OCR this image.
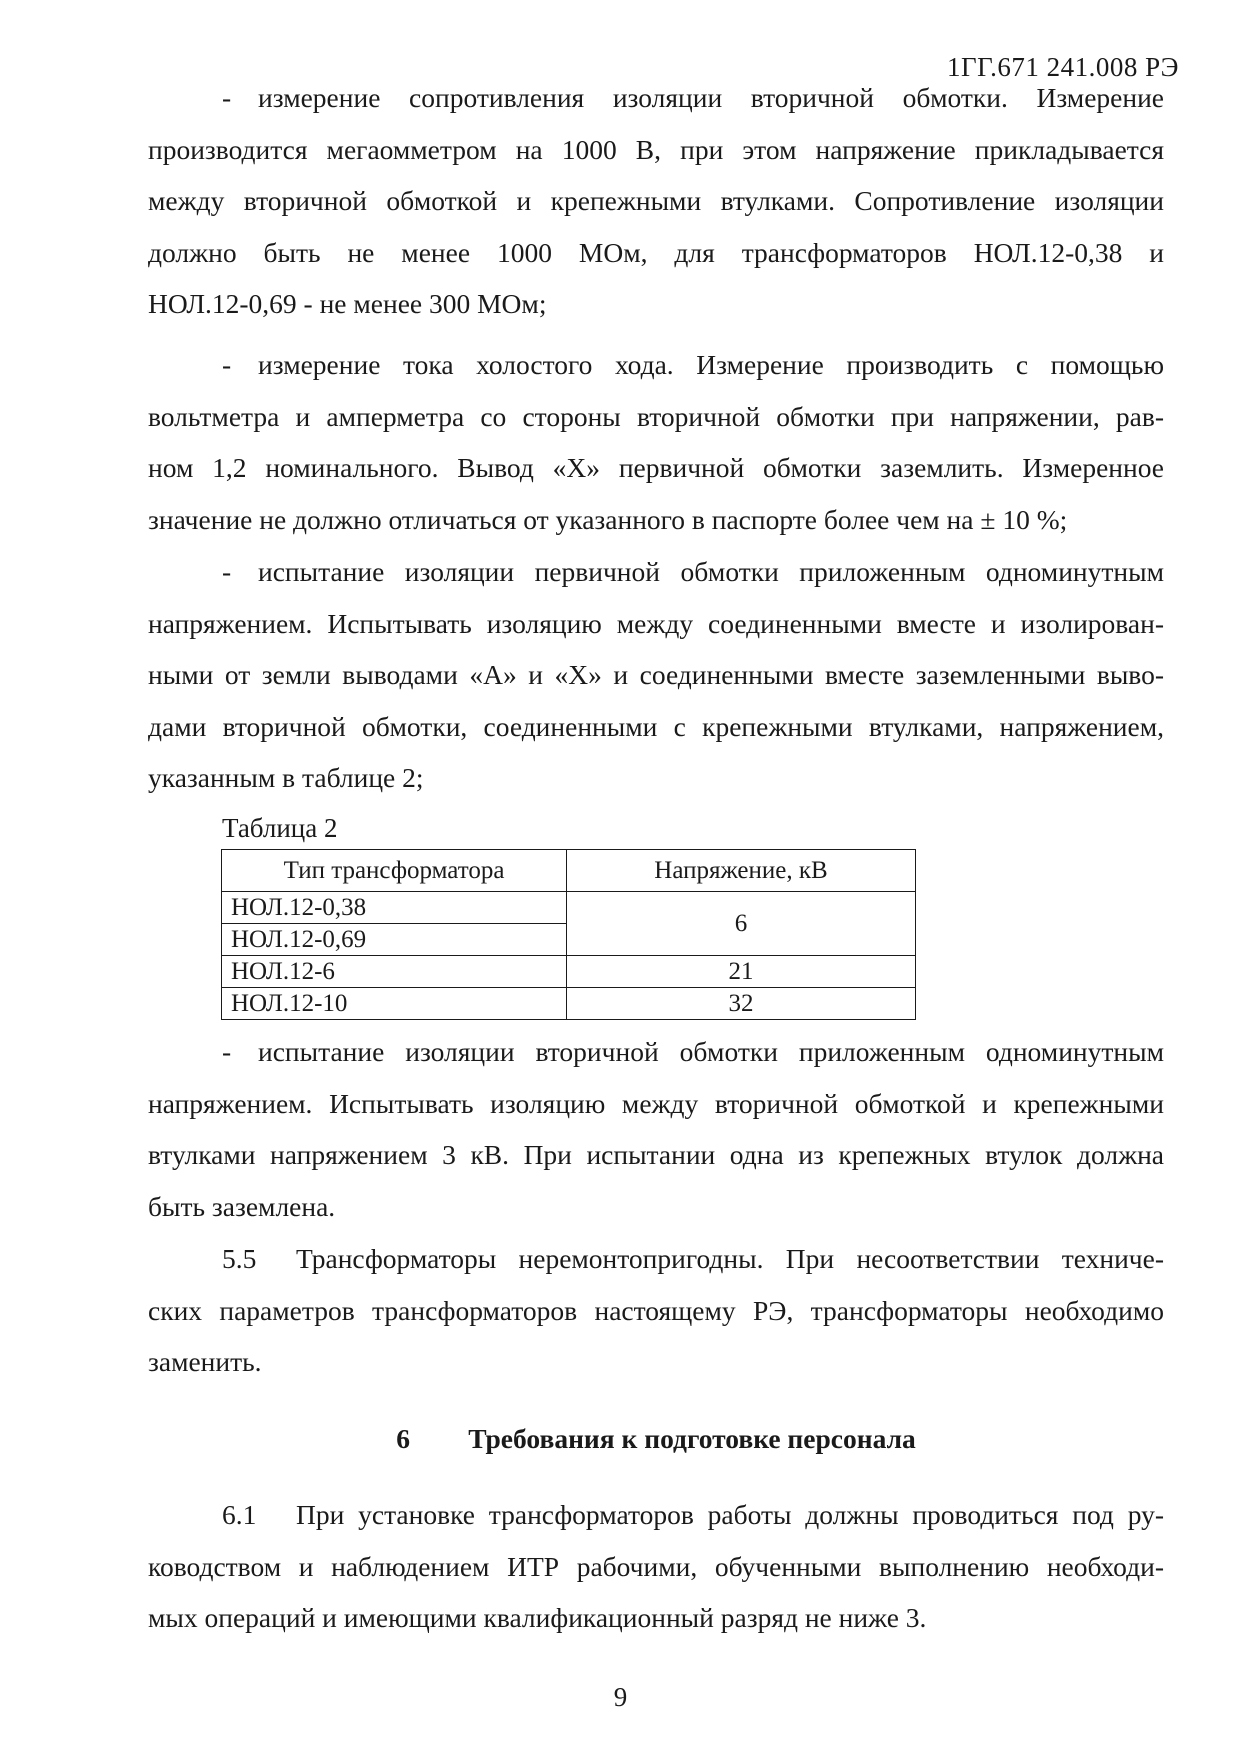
1ГГ.671 241.008 РЭ
- измерение сопротивления изоляции вторичной обмотки. Измерение
производится мегаомметром на 1000 В, при этом напряжение прикладывается
между вторичной обмоткой и крепежными втулками. Сопротивление изоляции
должно быть не менее 1000 МОм, для трансформаторов НОЛ.12-0,38 и
НОЛ.12-0,69 - не менее 300 МОм;
- измерение тока холостого хода. Измерение производить с помощью
вольтметра и амперметра со стороны вторичной обмотки при напряжении, рав-
ном 1,2 номинального. Вывод «Х» первичной обмотки заземлить. Измеренное
значение не должно отличаться от указанного в паспорте более чем на ± 10 %;
- испытание изоляции первичной обмотки приложенным одноминутным
напряжением. Испытывать изоляцию между соединенными вместе и изолирован-
ными от земли выводами «А» и «Х» и соединенными вместе заземленными выво-
дами вторичной обмотки, соединенными с крепежными втулками, напряжением,
указанным в таблице 2;
Таблица 2
Тип трансформатора	Напряжение, кВ
НОЛ.12-0,38	6
НОЛ.12-0,69	
НОЛ.12-6	21
НОЛ.12-10	32
- испытание изоляции вторичной обмотки приложенным одноминутным
напряжением. Испытывать изоляцию между вторичной обмоткой и крепежными
втулками напряжением 3 кВ. При испытании одна из крепежных втулок должна
быть заземлена.
5.5 Трансформаторы неремонтопригодны. При несоответствии техниче-
ских параметров трансформаторов настоящему РЭ, трансформаторы необходимо
заменить.
6 Требования к подготовке персонала
6.1 При установке трансформаторов работы должны проводиться под ру-
ководством и наблюдением ИТР рабочими, обученными выполнению необходи-
мых операций и имеющими квалификационный разряд не ниже 3.
9
